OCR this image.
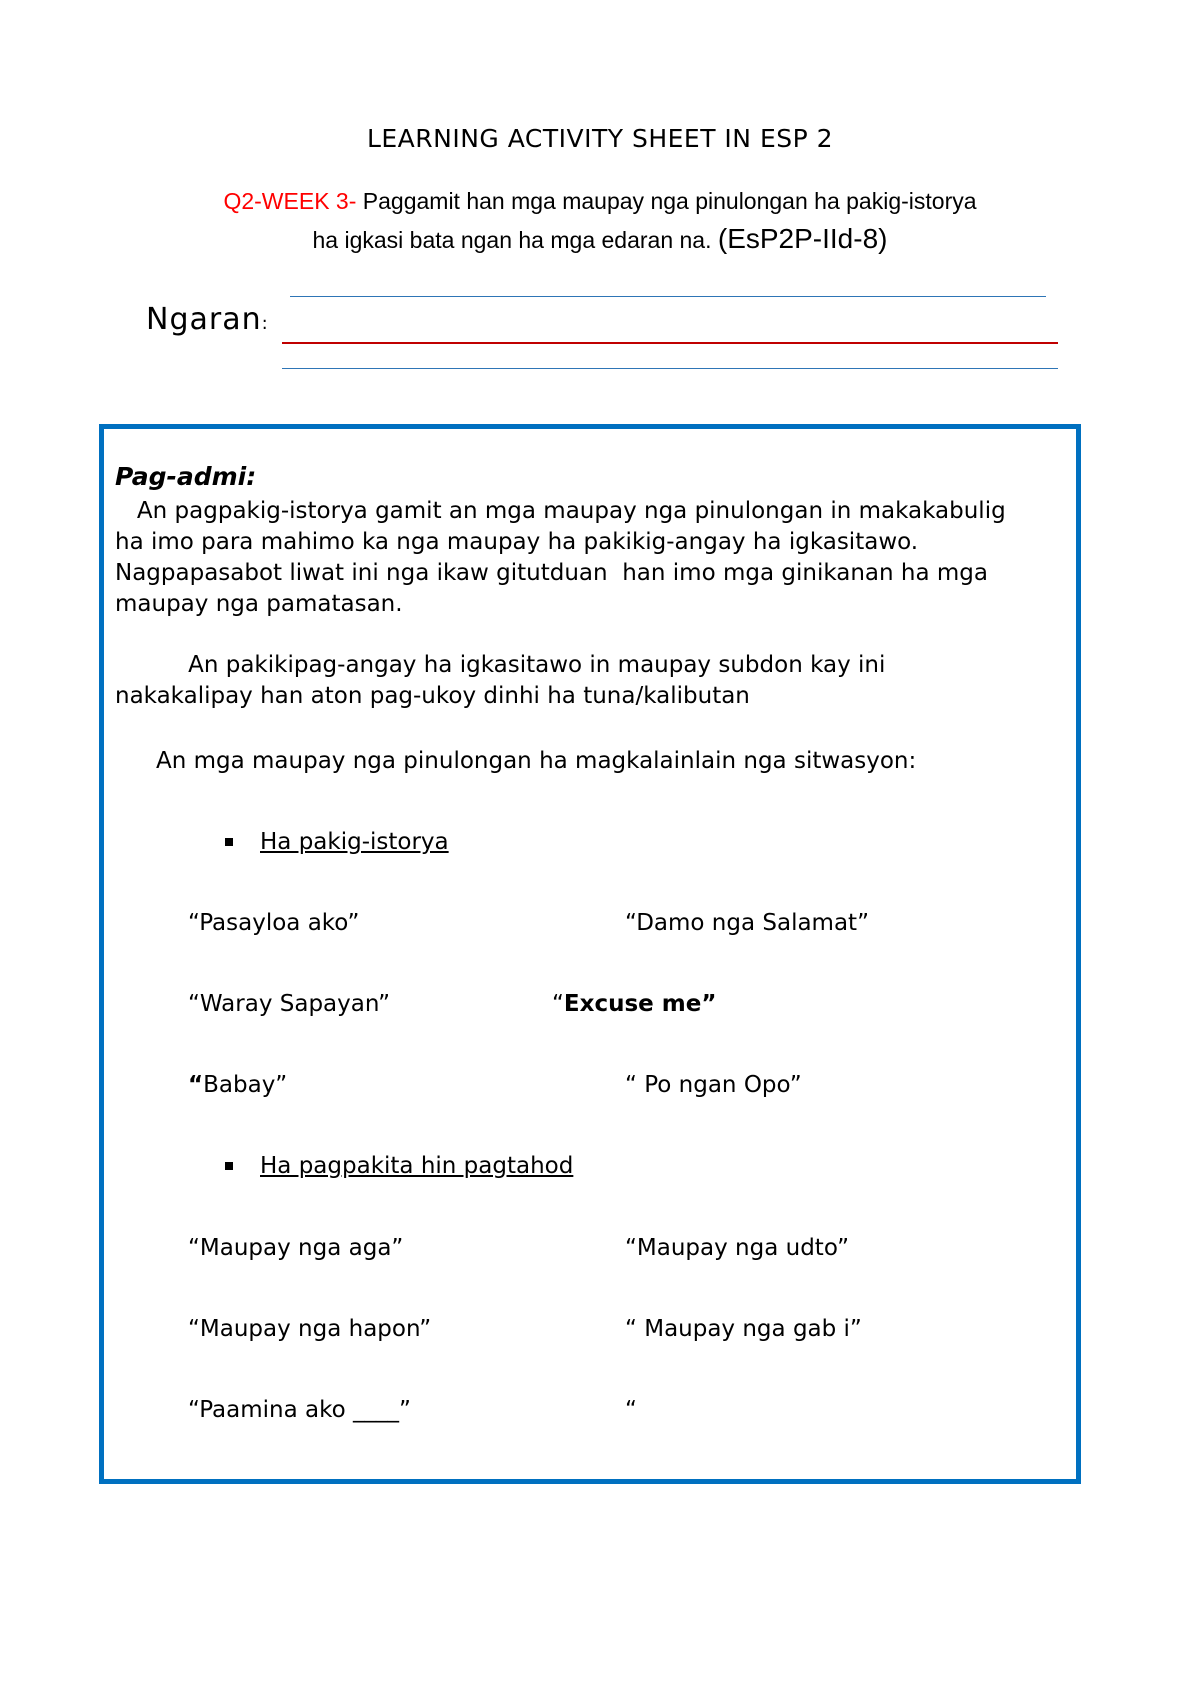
LEARNING ACTIVITY SHEET IN ESP 2
Q2-WEEK 3- Paggamit han mga maupay nga pinulongan ha pakig-istorya
ha igkasi bata ngan ha mga edaran na. (EsP2P-IId-8)
Ngaran:
Pag-admi:
An pagpakig-istorya gamit an mga maupay nga pinulongan in makakabulig
ha imo para mahimo ka nga maupay ha pakikig-angay ha igkasitawo.
Nagpapasabot liwat ini nga ikaw gitutduan  han imo mga ginikanan ha mga
maupay nga pamatasan.
An pakikipag-angay ha igkasitawo in maupay subdon kay ini
nakakalipay han aton pag-ukoy dinhi ha tuna/kalibutan
An mga maupay nga pinulongan ha magkalainlain nga sitwasyon:
Ha pakig-istorya
“Pasayloa ako”	“Damo nga Salamat”
“Waray Sapayan”	“Excuse me”
“Babay”	“ Po ngan Opo”
Ha pagpakita hin pagtahod
“Maupay nga aga”	“Maupay nga udto”
“Maupay nga hapon”	“ Maupay nga gab i”
“Paamina ako ____”	“
